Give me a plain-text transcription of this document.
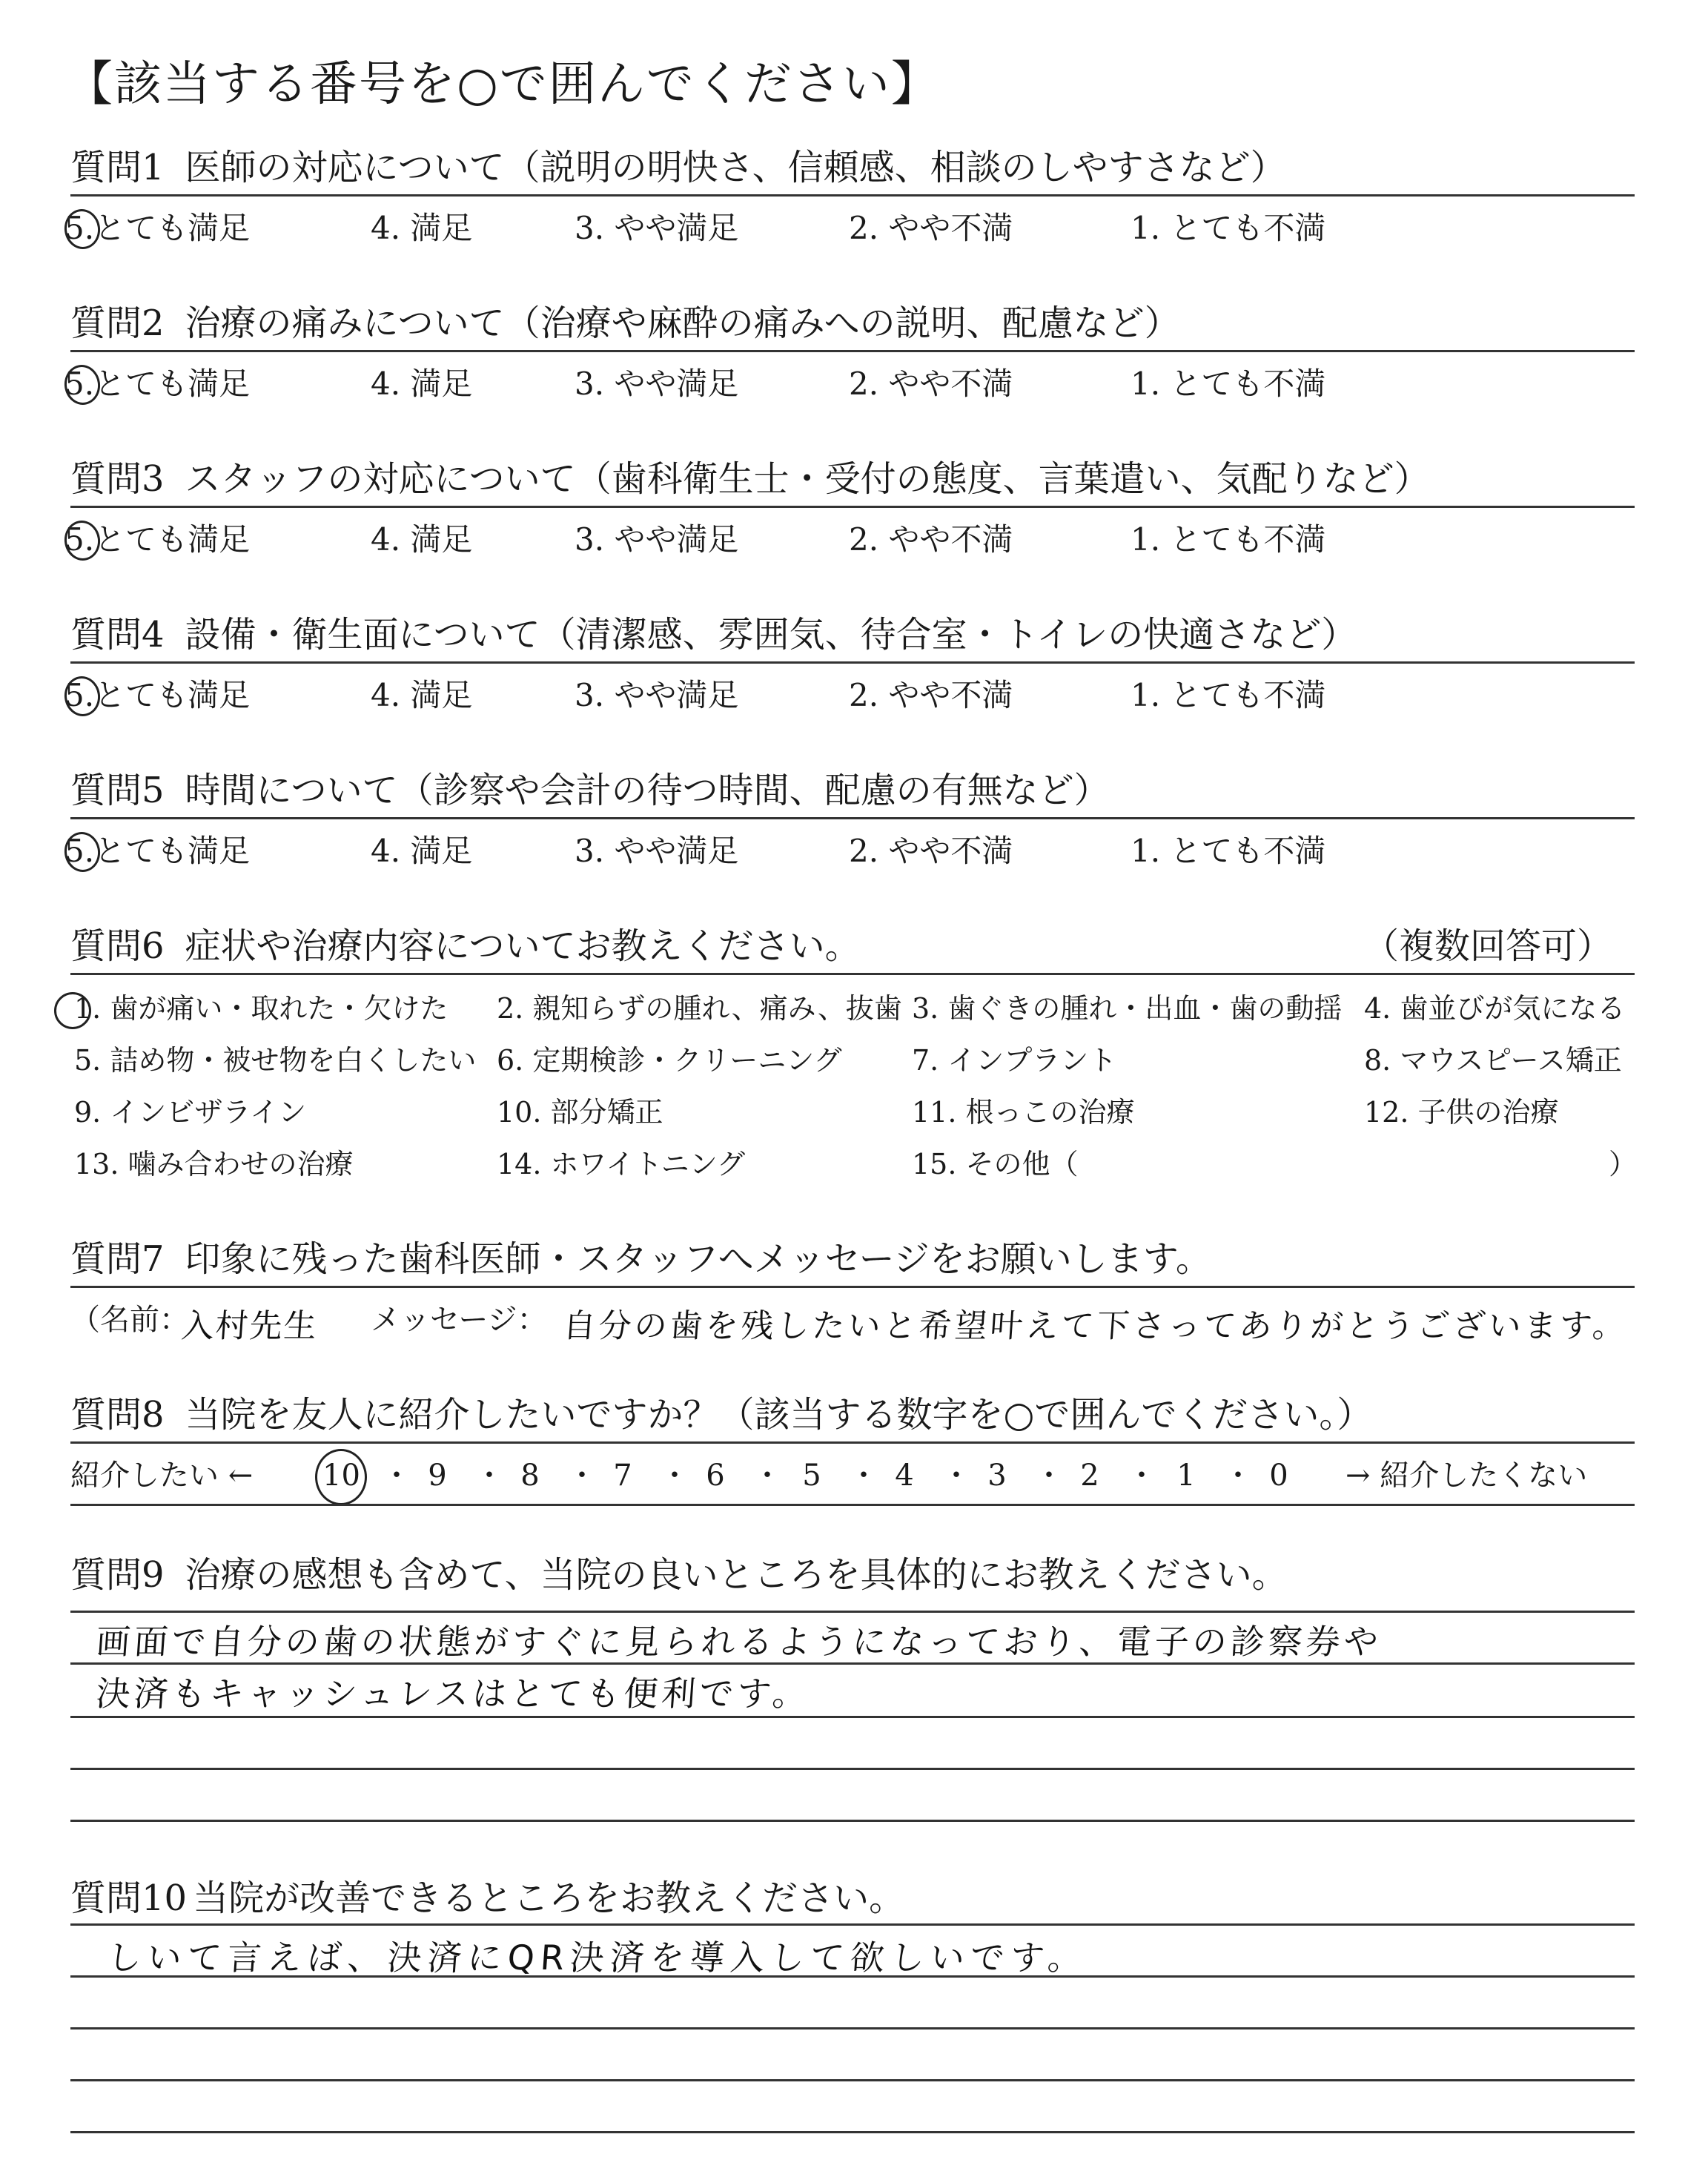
【該当する番号を○で囲んでください】
質問1 医師の対応について（説明の明快さ、信頼感、相談のしやすさなど）
5.とても満足	4. 満足	3. やや満足	2. やや不満	1. とても不満
質問2 治療の痛みについて（治療や麻酔の痛みへの説明、配慮など）
5.とても満足	4. 満足	3. やや満足	2. やや不満	1. とても不満
質問3 スタッフの対応について（歯科衛生士・受付の態度、言葉遣い、気配りなど）
5.とても満足	4. 満足	3. やや満足	2. やや不満	1. とても不満
質問4 設備・衛生面について（清潔感、雰囲気、待合室・トイレの快適さなど）
5.とても満足	4. 満足	3. やや満足	2. やや不満	1. とても不満
質問5 時間について（診察や会計の待つ時間、配慮の有無など）
5.とても満足	4. 満足	3. やや満足	2. やや不満	1. とても不満
質問6 症状や治療内容についてお教えください。	（複数回答可）
1. 歯が痛い・取れた・欠けた 2. 親知らずの腫れ、痛み、抜歯 3. 歯ぐきの腫れ・出血・歯の動揺 4. 歯並びが気になる
5. 詰め物・被せ物を白くしたい 6. 定期検診・クリーニング 7. インプラント	8. マウスピース矯正
9. インビザライン	10. 部分矯正	11. 根っこの治療	12. 子供の治療
13. 噛み合わせの治療	14. ホワイトニング	15. その他（	）
質問7 印象に残った歯科医師・スタッフへメッセージをお願いします。
（名前：
入村先生 メッセージ： 自分の歯を残したいと希望叶えて下さってありがとうございます。
質問8 当院を友人に紹介したいですか？（該当する数字を○で囲んでください。）
紹介したい ← 10 ・ 9 ・ 8 ・ 7 ・ 6 ・ 5 ・ 4 ・ 3 ・ 2 ・ 1 ・ 0	→ 紹介したくない
質問9 治療の感想も含めて、当院の良いところを具体的にお教えください。
画面で自分の歯の状態がすぐに見られるようになっており、電子の診察券や
決済もキャッシュレスはとても便利です。
質問10 当院が改善できるところをお教えください。
しいて言えば、決済にQR決済を導入して欲しいです。
